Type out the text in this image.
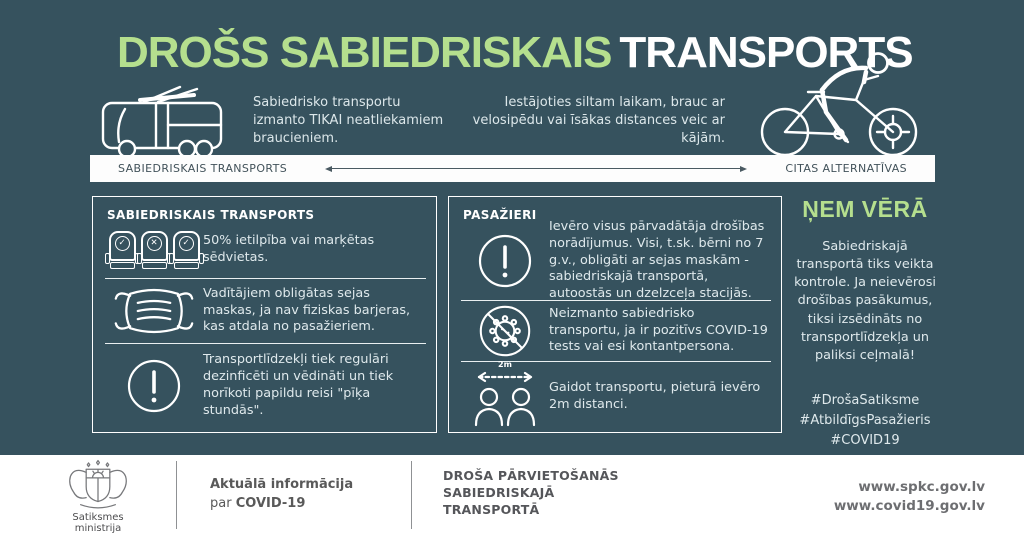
DROŠS SABIEDRISKAIS TRANSPORTS

Sabiedrisko transportu izmanto TIKAI neatliekamiem braucieniem.

Iestājoties siltam laikam, brauc ar velosipēdu vai īsākas distances veic ar kājām.

SABIEDRISKAIS TRANSPORTS	CITAS ALTERNATĪVAS
SABIEDRISKAIS TRANSPORTS
✓	✕	✓	50% ietilpība vai marķētas sēdvietas.

Vadītājiem obligātas sejas maskas, ja nav fiziskas barjeras, kas atdala no pasažieriem.

Transportlīdzekļi tiek regulāri dezinficēti un vēdināti un tiek norīkoti papildu reisi "pīķa stundās".

PASAŽIERI

Ievēro visus pārvadātāja drošības norādījumus. Visi, t.sk. bērni no 7 g.v., obligāti ar sejas maskām - sabiedriskajā transportā, autoostās un dzelzceļa stacijās.

Neizmanto sabiedrisko transportu, ja ir pozitīvs COVID-19 tests vai esi kontantpersona.

2m

Gaidot transportu, pieturā ievēro 2m distanci.

ŅEM VĒRĀ

Sabiedriskajā transportā tiks veikta kontrole. Ja neievērosi drošības pasākumus, tiksi izsēdināts no transportlīdzekļa un paliksi ceļmalā!

#DrošaSatiksme
#AtbildīgsPasažieris
#COVID19
Satiksmes ministrija
Aktuālā informācija
par COVID-19
DROŠA PĀRVIETOŠANĀS
SABIEDRISKAJĀ
TRANSPORTĀ
www.spkc.gov.lv
www.covid19.gov.lv
